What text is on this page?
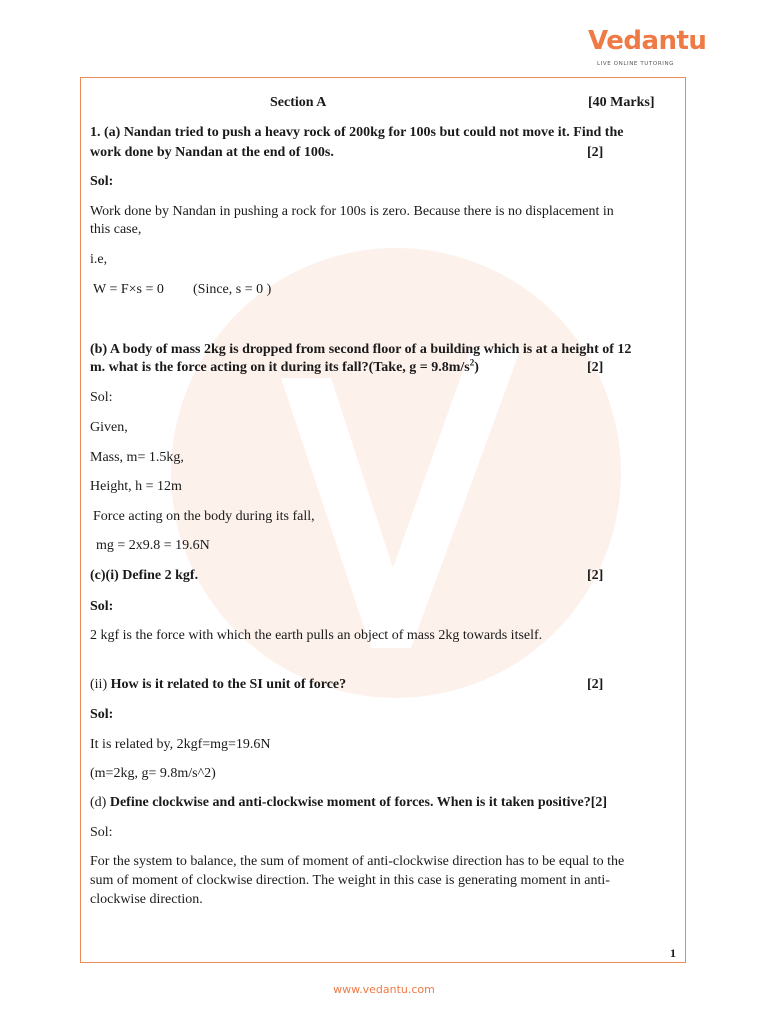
Vedantu
LIVE ONLINE TUTORING
Section A	[40 Marks]
1. (a) Nandan tried to push a heavy rock of 200kg for 100s but could not move it. Find the
work done by Nandan at the end of 100s.	[2]
Sol:
Work done by Nandan in pushing a rock for 100s is zero. Because there is no displacement in
this case,
i.e,
W = F×s = 0 (Since, s = 0 )
(b) A body of mass 2kg is dropped from second floor of a building which is at a height of 12
m. what is the force acting on it during its fall?(Take, $g = 9.8m/s^2$)	[2]
Sol:
Given,
Mass, m= 1.5kg,
Height, h = 12m
Force acting on the body during its fall,
mg = 2x9.8 = 19.6N
(c)(i) Define 2 kgf.	[2]
Sol:
2 kgf is the force with which the earth pulls an object of mass 2kg towards itself.
(ii) How is it related to the SI unit of force?	[2]
Sol:
It is related by, 2kgf=mg=19.6N
(m=2kg, g= 9.8m/s^2)
(d) Define clockwise and anti-clockwise moment of forces. When is it taken positive?[2]
Sol:
For the system to balance, the sum of moment of anti-clockwise direction has to be equal to the
sum of moment of clockwise direction. The weight in this case is generating moment in anti-
clockwise direction.
1
www.vedantu.com
